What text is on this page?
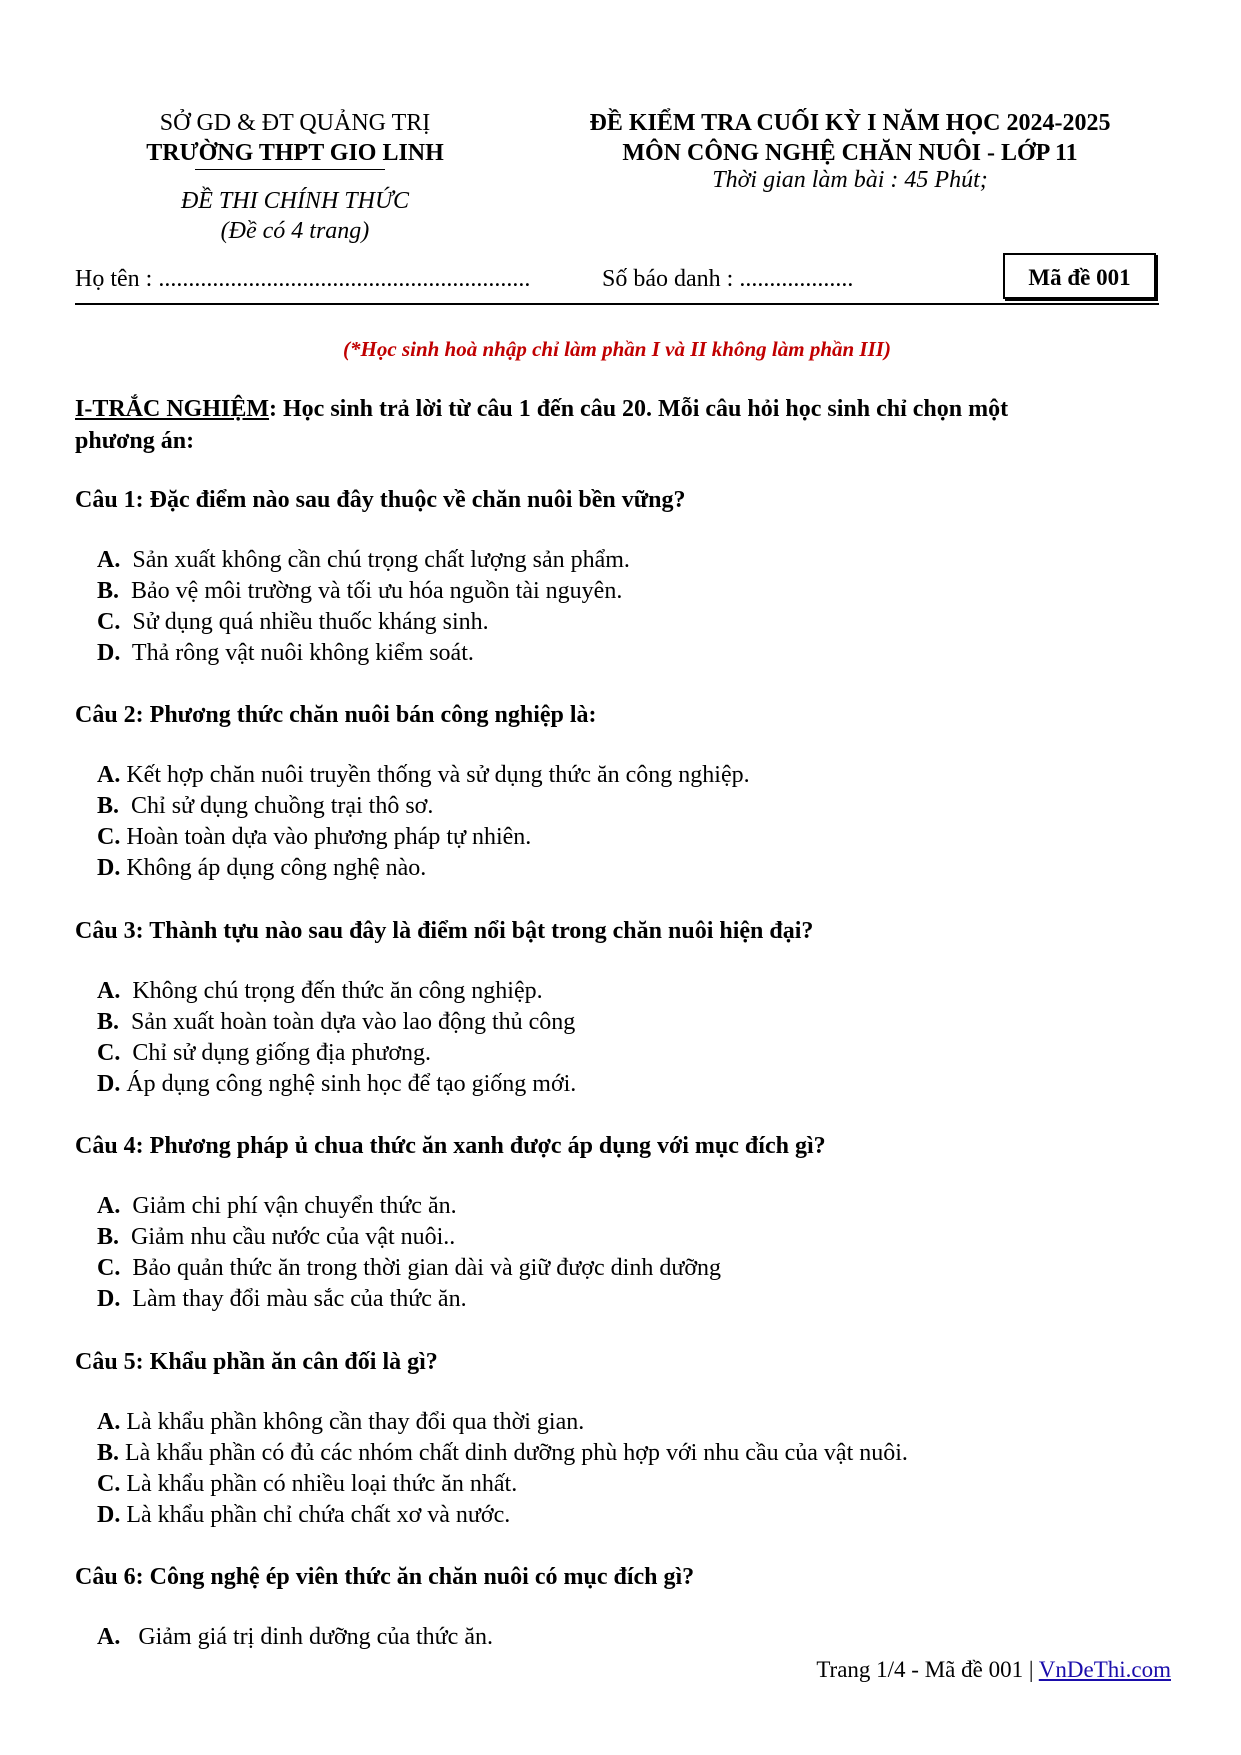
SỞ GD & ĐT QUẢNG TRỊ
TRƯỜNG THPT GIO LINH
ĐỀ THI CHÍNH THỨC
(Đề có 4 trang)
ĐỀ KIỂM TRA CUỐI KỲ I NĂM HỌC 2024-2025
MÔN CÔNG NGHỆ CHĂN NUÔI - LỚP 11
Thời gian làm bài : 45 Phút;
Họ tên : ..............................................................	Số báo danh : ...................	Mã đề 001
(*Học sinh hoà nhập chỉ làm phần I và II không làm phần III)
I-TRẮC NGHIỆM: Học sinh trả lời từ câu 1 đến câu 20. Mỗi câu hỏi học sinh chỉ chọn một
phương án:
Câu 1: Đặc điểm nào sau đây thuộc về chăn nuôi bền vững?
A. Sản xuất không cần chú trọng chất lượng sản phẩm.
B. Bảo vệ môi trường và tối ưu hóa nguồn tài nguyên.
C. Sử dụng quá nhiều thuốc kháng sinh.
D. Thả rông vật nuôi không kiểm soát.
Câu 2: Phương thức chăn nuôi bán công nghiệp là:
A. Kết hợp chăn nuôi truyền thống và sử dụng thức ăn công nghiệp.
B. Chỉ sử dụng chuồng trại thô sơ.
C. Hoàn toàn dựa vào phương pháp tự nhiên.
D. Không áp dụng công nghệ nào.
Câu 3: Thành tựu nào sau đây là điểm nổi bật trong chăn nuôi hiện đại?
A. Không chú trọng đến thức ăn công nghiệp.
B. Sản xuất hoàn toàn dựa vào lao động thủ công
C. Chỉ sử dụng giống địa phương.
D. Áp dụng công nghệ sinh học để tạo giống mới.
Câu 4: Phương pháp ủ chua thức ăn xanh được áp dụng với mục đích gì?
A. Giảm chi phí vận chuyển thức ăn.
B. Giảm nhu cầu nước của vật nuôi..
C. Bảo quản thức ăn trong thời gian dài và giữ được dinh dưỡng
D. Làm thay đổi màu sắc của thức ăn.
Câu 5: Khẩu phần ăn cân đối là gì?
A. Là khẩu phần không cần thay đổi qua thời gian.
B. Là khẩu phần có đủ các nhóm chất dinh dưỡng phù hợp với nhu cầu của vật nuôi.
C. Là khẩu phần có nhiều loại thức ăn nhất.
D. Là khẩu phần chỉ chứa chất xơ và nước.
Câu 6: Công nghệ ép viên thức ăn chăn nuôi có mục đích gì?
A. Giảm giá trị dinh dưỡng của thức ăn.
Trang 1/4 - Mã đề 001 | VnDeThi.com
